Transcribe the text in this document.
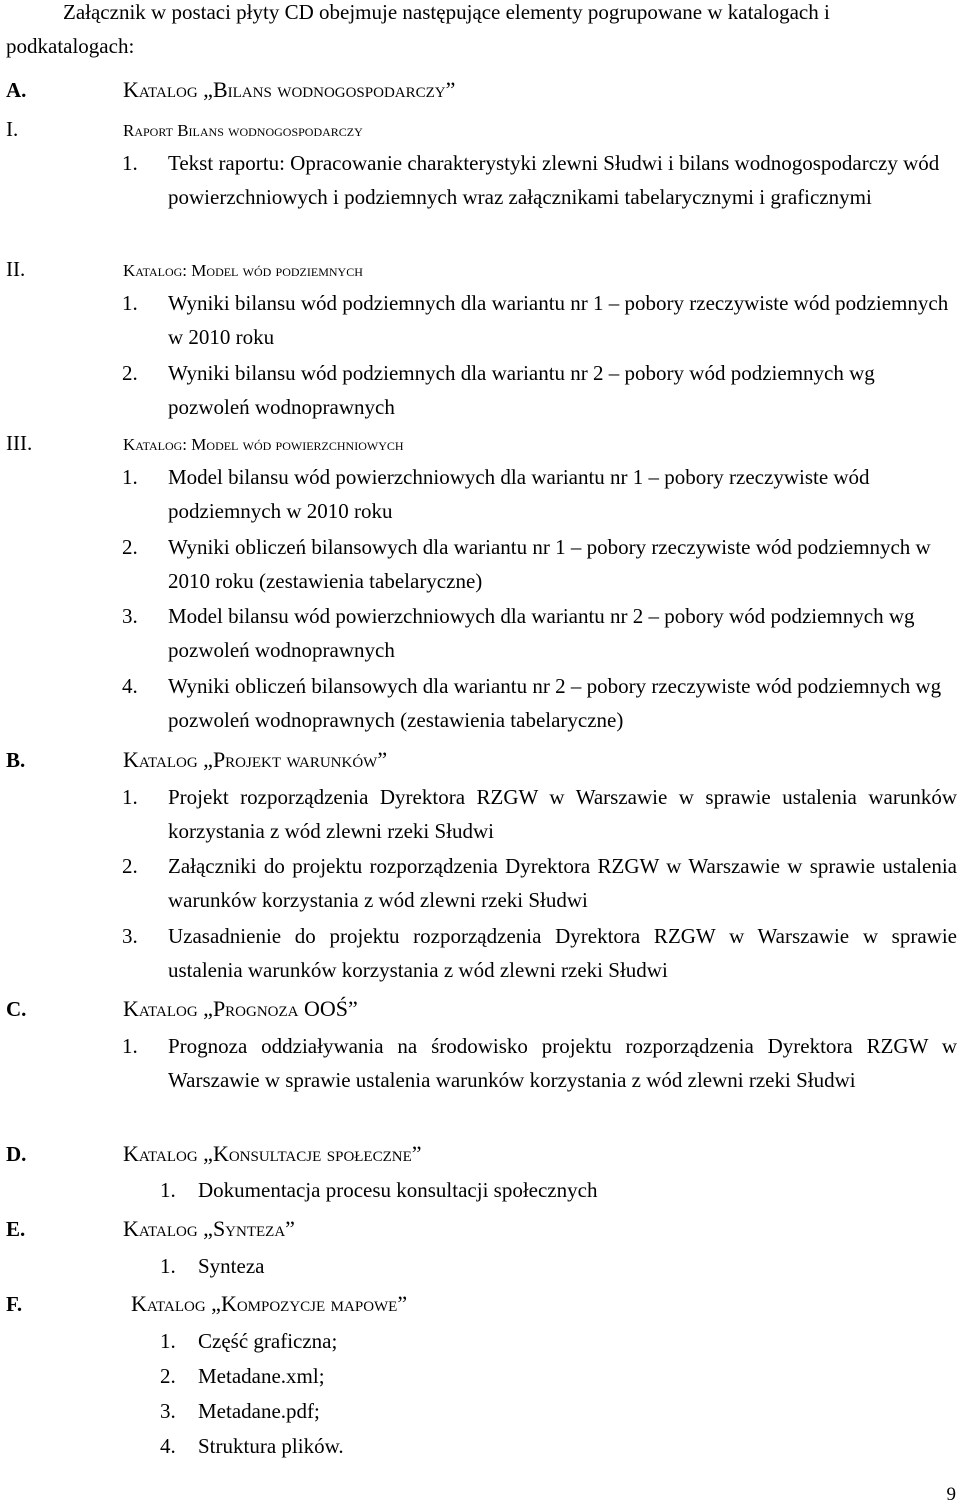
Załącznik w postaci płyty CD obejmuje następujące elementy pogrupowane w katalogach i podkatalogach:
A.	Katalog „Bilans wodnogospodarczy”
I.	Raport Bilans wodnogospodarczy
1. Tekst raportu: Opracowanie charakterystyki zlewni Słudwi i bilans wodnogospodarczy wód powierzchniowych i podziemnych wraz załącznikami tabelarycznymi i graficznymi
II.	Katalog: Model wód podziemnych
1. Wyniki bilansu wód podziemnych dla wariantu nr 1 – pobory rzeczywiste wód podziemnych w 2010 roku
2. Wyniki bilansu wód podziemnych dla wariantu nr 2 – pobory wód podziemnych wg pozwoleń wodnoprawnych
III.	Katalog: Model wód powierzchniowych
1. Model bilansu wód powierzchniowych dla wariantu nr 1 – pobory rzeczywiste wód podziemnych w 2010 roku
2. Wyniki obliczeń bilansowych dla wariantu nr 1 – pobory rzeczywiste wód podziemnych w 2010 roku (zestawienia tabelaryczne)
3. Model bilansu wód powierzchniowych dla wariantu nr 2 – pobory wód podziemnych wg pozwoleń wodnoprawnych
4. Wyniki obliczeń bilansowych dla wariantu nr 2 – pobory rzeczywiste wód podziemnych wg pozwoleń wodnoprawnych (zestawienia tabelaryczne)
B.	Katalog „Projekt warunków”
1. Projekt rozporządzenia Dyrektora RZGW w Warszawie w sprawie ustalenia warunków korzystania z wód zlewni rzeki Słudwi
2. Załączniki do projektu rozporządzenia Dyrektora RZGW w Warszawie w sprawie ustalenia warunków korzystania z wód zlewni rzeki Słudwi
3. Uzasadnienie do projektu rozporządzenia Dyrektora RZGW w Warszawie w sprawie ustalenia warunków korzystania z wód zlewni rzeki Słudwi
C.	Katalog „Prognoza OOŚ”
1. Prognoza oddziaływania na środowisko projektu rozporządzenia Dyrektora RZGW w Warszawie w sprawie ustalenia warunków korzystania z wód zlewni rzeki Słudwi
D.	Katalog „Konsultacje społeczne”
1. Dokumentacja procesu konsultacji społecznych
E.	Katalog „Synteza”
1. Synteza
F.	Katalog „Kompozycje mapowe”
1. Część graficzna;
2. Metadane.xml;
3. Metadane.pdf;
4. Struktura plików.
9
